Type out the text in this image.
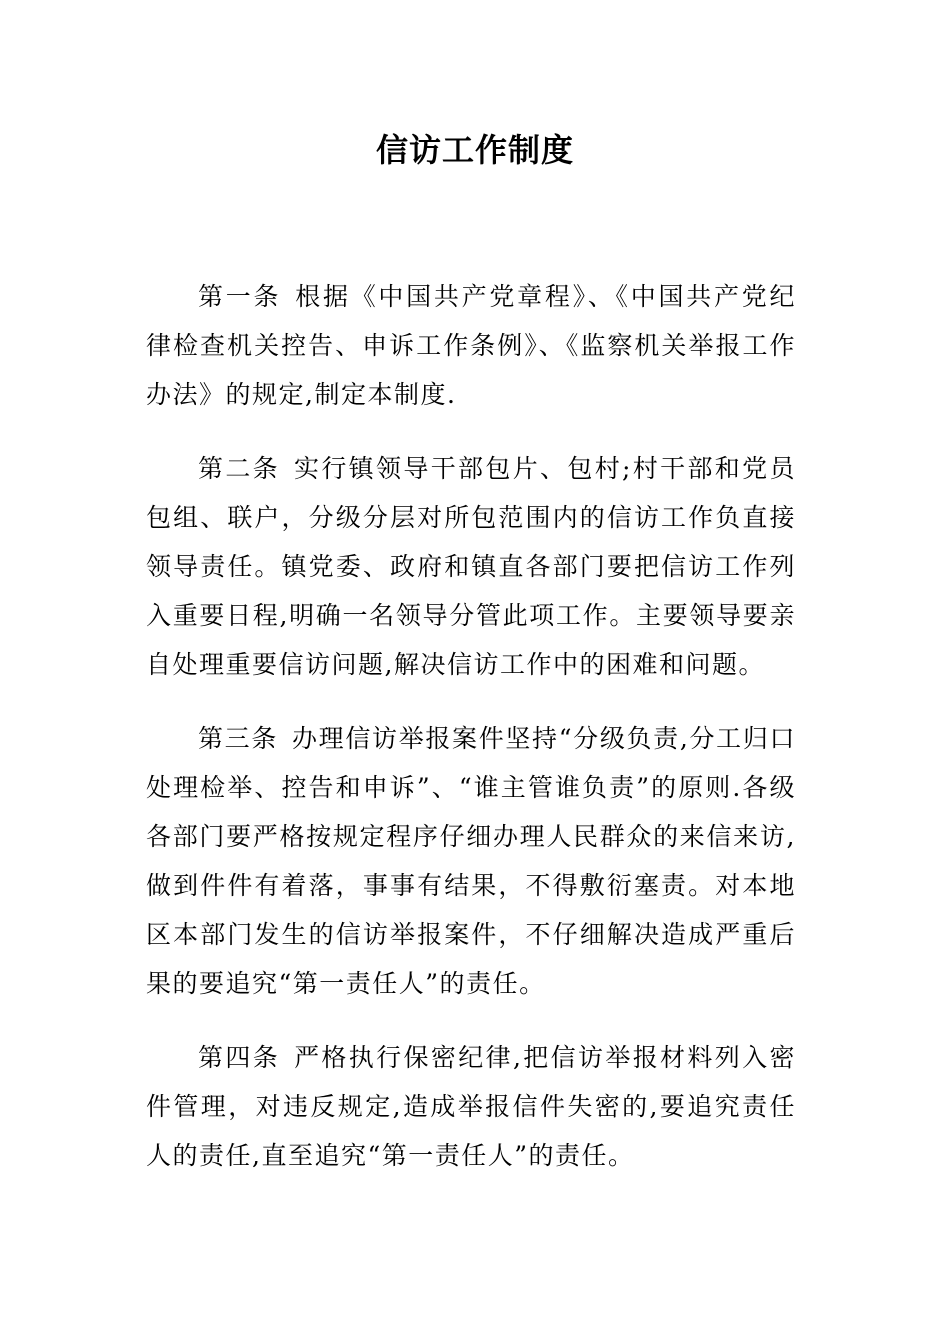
信访工作制度

第一条 根据《中国共产党章程》、《中国共产党纪律检查机关控告、申诉工作条例》、《监察机关举报工作办法》的规定,制定本制度.

第二条 实行镇领导干部包片、包村;村干部和党员包组、联户，分级分层对所包范围内的信访工作负直接领导责任。镇党委、政府和镇直各部门要把信访工作列入重要日程,明确一名领导分管此项工作。主要领导要亲自处理重要信访问题,解决信访工作中的困难和问题。

第三条 办理信访举报案件坚持“分级负责,分工归口处理检举、控告和申诉”、“谁主管谁负责”的原则.各级各部门要严格按规定程序仔细办理人民群众的来信来访,做到件件有着落，事事有结果，不得敷衍塞责。对本地区本部门发生的信访举报案件，不仔细解决造成严重后果的要追究“第一责任人”的责任。

第四条 严格执行保密纪律,把信访举报材料列入密件管理，对违反规定,造成举报信件失密的,要追究责任人的责任,直至追究“第一责任人”的责任。
